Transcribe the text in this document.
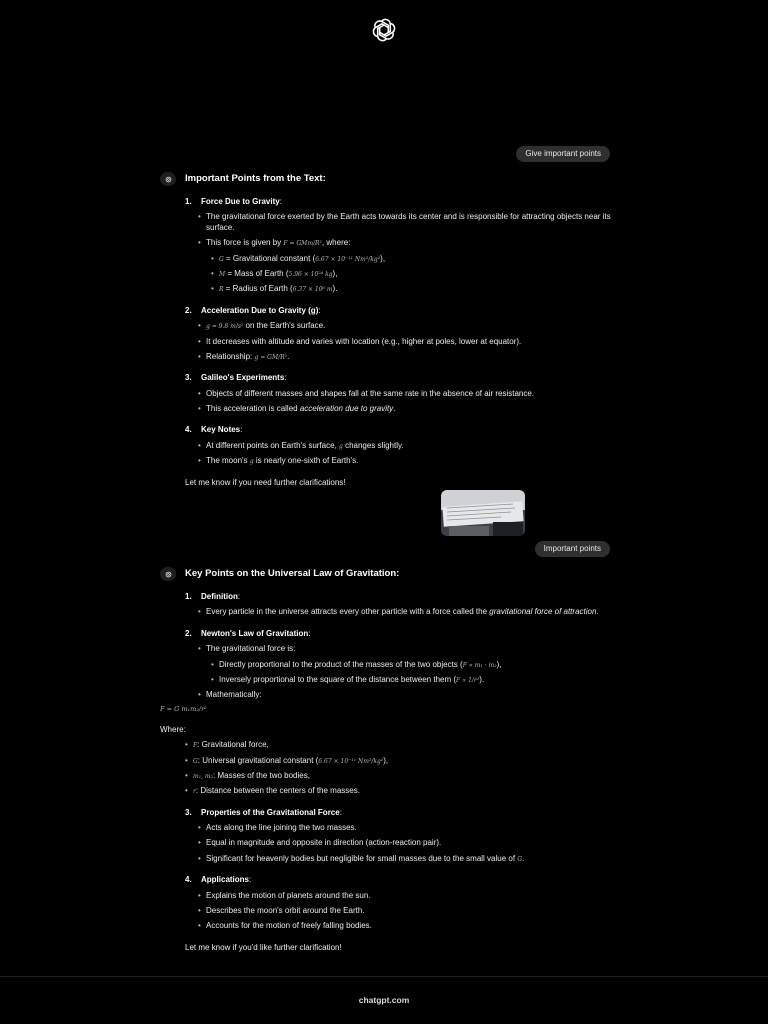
Give important points
Important Points from the Text:
1. Force Due to Gravity:
• The gravitational force exerted by the Earth acts towards its center and is responsible for attracting objects near its surface.
• This force is given by F = GMm/R², where:
• G = Gravitational constant (6.67 × 10⁻¹¹ Nm²/kg²),
• M = Mass of Earth (5.96 × 10²⁴ kg),
• R = Radius of Earth (6.37 × 10⁶ m).
2. Acceleration Due to Gravity (g):
• g = 9.8 m/s² on the Earth's surface.
• It decreases with altitude and varies with location (e.g., higher at poles, lower at equator).
• Relationship: g = GM/R².
3. Galileo's Experiments:
• Objects of different masses and shapes fall at the same rate in the absence of air resistance.
• This acceleration is called acceleration due to gravity.
4. Key Notes:
• At different points on Earth's surface, g changes slightly.
• The moon's g is nearly one-sixth of Earth's.
Let me know if you need further clarifications!
Important points
Key Points on the Universal Law of Gravitation:
1. Definition:
• Every particle in the universe attracts every other particle with a force called the gravitational force of attraction.
2. Newton's Law of Gravitation:
• The gravitational force is:
• Directly proportional to the product of the masses of the two objects (F ∝ m₁ · m₂),
• Inversely proportional to the square of the distance between them (F ∝ 1/r²).
• Mathematically:
F = G m₁m₂/r²
Where:
• F: Gravitational force,
• G: Universal gravitational constant (6.67 × 10⁻¹¹ Nm²/kg²),
• m₁, m₂: Masses of the two bodies,
• r: Distance between the centers of the masses.
3. Properties of the Gravitational Force:
• Acts along the line joining the two masses.
• Equal in magnitude and opposite in direction (action-reaction pair).
• Significant for heavenly bodies but negligible for small masses due to the small value of G.
4. Applications:
• Explains the motion of planets around the sun.
• Describes the moon's orbit around the Earth.
• Accounts for the motion of freely falling bodies.
Let me know if you'd like further clarification!
chatgpt.com
